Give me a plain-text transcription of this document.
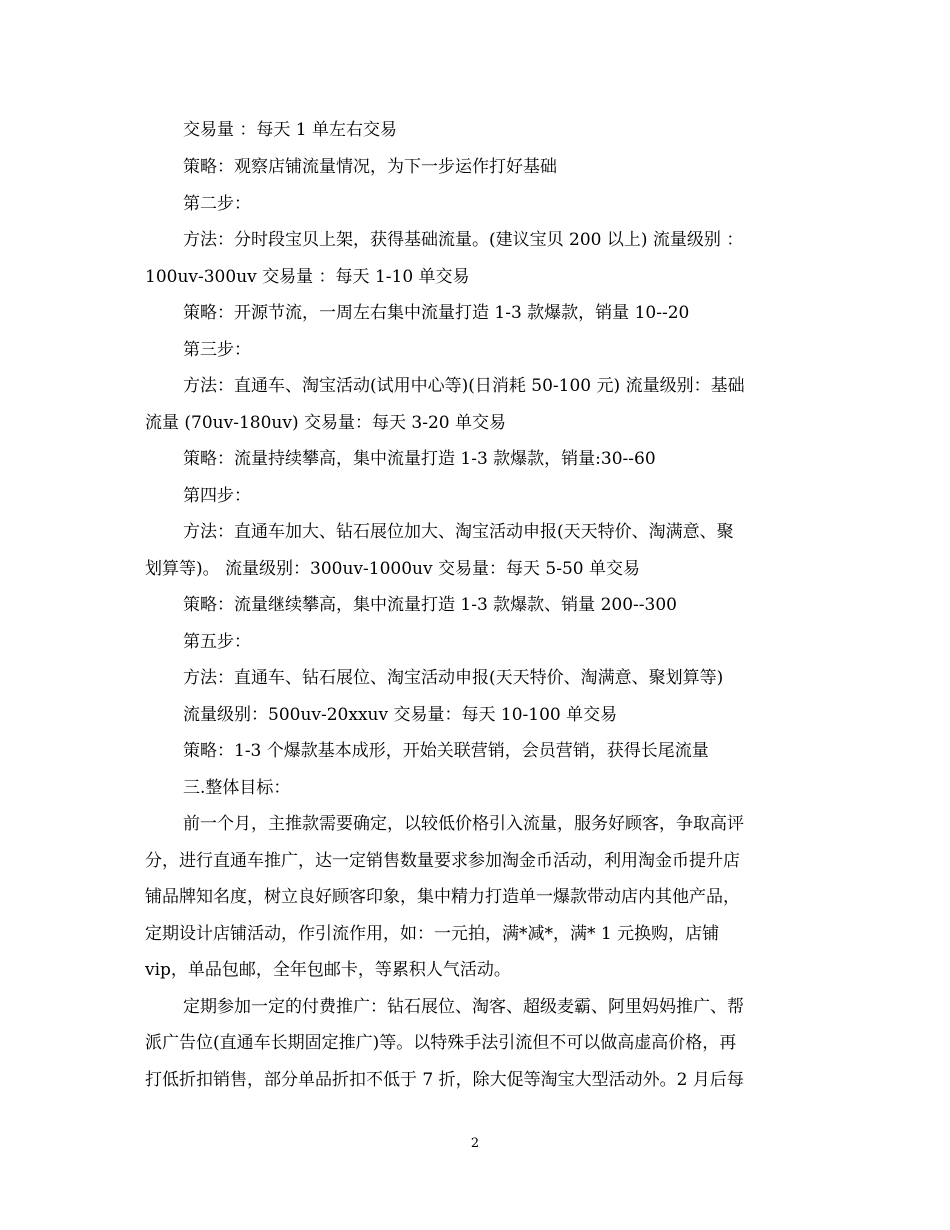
交易量 ：每天 1 单左右交易
策略：观察店铺流量情况，为下一步运作打好基础
第二步：
方法：分时段宝贝上架，获得基础流量。(建议宝贝 200 以上) 流量级别 ：
100uv-300uv 交易量 ：每天 1-10 单交易
策略：开源节流，一周左右集中流量打造 1-3 款爆款，销量 10--20
第三步：
方法：直通车、淘宝活动(试用中心等)(日消耗 50-100 元) 流量级别：基础
流量 (70uv-180uv) 交易量：每天 3-20 单交易
策略：流量持续攀高，集中流量打造 1-3 款爆款，销量:30--60
第四步：
方法：直通车加大、钻石展位加大、淘宝活动申报(天天特价、淘满意、聚
划算等)。 流量级别：300uv-1000uv 交易量：每天 5-50 单交易
策略：流量继续攀高，集中流量打造 1-3 款爆款、销量 200--300
第五步：
方法：直通车、钻石展位、淘宝活动申报(天天特价、淘满意、聚划算等)
流量级别：500uv-20xxuv 交易量：每天 10-100 单交易
策略：1-3 个爆款基本成形，开始关联营销，会员营销，获得长尾流量
三.整体目标：
前一个月，主推款需要确定，以较低价格引入流量，服务好顾客，争取高评
分，进行直通车推广，达一定销售数量要求参加淘金币活动，利用淘金币提升店
铺品牌知名度，树立良好顾客印象，集中精力打造单一爆款带动店内其他产品，
定期设计店铺活动，作引流作用，如：一元拍，满*减*，满* 1 元换购，店铺
vip，单品包邮，全年包邮卡，等累积人气活动。
定期参加一定的付费推广：钻石展位、淘客、超级麦霸、阿里妈妈推广、帮
派广告位(直通车长期固定推广)等。以特殊手法引流但不可以做高虚高价格，再
打低折扣销售，部分单品折扣不低于 7 折，除大促等淘宝大型活动外。2 月后每
2
